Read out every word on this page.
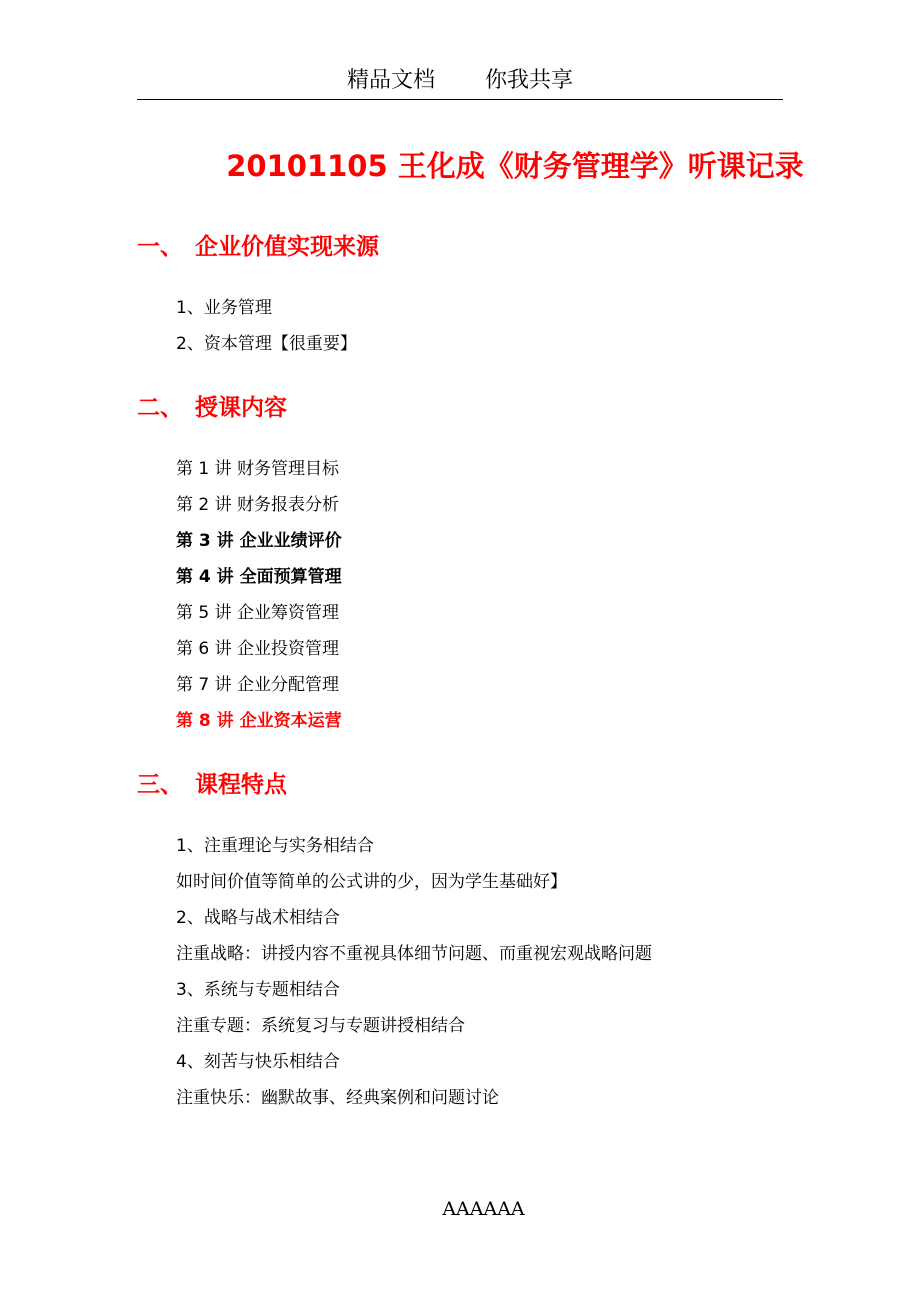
精品文档 你我共享
20101105 王化成《财务管理学》听课记录
一、 企业价值实现来源
1、业务管理
2、资本管理【很重要】
二、 授课内容
第 1 讲 财务管理目标
第 2 讲 财务报表分析
第 3 讲 企业业绩评价
第 4 讲 全面预算管理
第 5 讲 企业筹资管理
第 6 讲 企业投资管理
第 7 讲 企业分配管理
第 8 讲 企业资本运营
三、 课程特点
1、注重理论与实务相结合
如时间价值等简单的公式讲的少，因为学生基础好】
2、战略与战术相结合
注重战略：讲授内容不重视具体细节问题、而重视宏观战略问题
3、系统与专题相结合
注重专题：系统复习与专题讲授相结合
4、刻苦与快乐相结合
注重快乐：幽默故事、经典案例和问题讨论
AAAAAA
